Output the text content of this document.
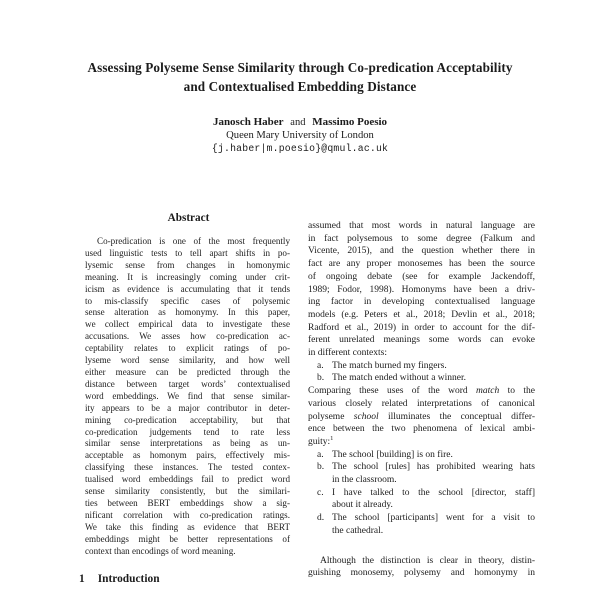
Assessing Polyseme Sense Similarity through Co-predication Acceptability
and Contextualised Embedding Distance
Janosch Haber and Massimo Poesio
Queen Mary University of London
{j.haber|m.poesio}@qmul.ac.uk
Abstract
Co-predication is one of the most frequently
used linguistic tests to tell apart shifts in po-
lysemic sense from changes in homonymic
meaning. It is increasingly coming under crit-
icism as evidence is accumulating that it tends
to mis-classify specific cases of polysemic
sense alteration as homonymy. In this paper,
we collect empirical data to investigate these
accusations. We asses how co-predication ac-
ceptability relates to explicit ratings of po-
lyseme word sense similarity, and how well
either measure can be predicted through the
distance between target words’ contextualised
word embeddings. We find that sense similar-
ity appears to be a major contributor in deter-
mining co-predication acceptability, but that
co-predication judgements tend to rate less
similar sense interpretations as being as un-
acceptable as homonym pairs, effectively mis-
classifying these instances. The tested contex-
tualised word embeddings fail to predict word
sense similarity consistently, but the similari-
ties between BERT embeddings show a sig-
nificant correlation with co-predication ratings.
We take this finding as evidence that BERT
embeddings might be better representations of
context than encodings of word meaning.
1 Introduction
assumed that most words in natural language are
in fact polysemous to some degree (Falkum and
Vicente, 2015), and the question whether there in
fact are any proper monosemes has been the source
of ongoing debate (see for example Jackendoff,
1989; Fodor, 1998). Homonyms have been a driv-
ing factor in developing contextualised language
models (e.g. Peters et al., 2018; Devlin et al., 2018;
Radford et al., 2019) in order to account for the dif-
ferent unrelated meanings some words can evoke
in different contexts:
a. The match burned my fingers.
b. The match ended without a winner.
Comparing these uses of the word match to the
various closely related interpretations of canonical
polyseme school illuminates the conceptual differ-
ence between the two phenomena of lexical ambi-
guity:$^1$
a. The school [building] is on fire.
b. The school [rules] has prohibited wearing hats
in the classroom.
c. I have talked to the school [director, staff]
about it already.
d. The school [participants] went for a visit to
the cathedral.
Although the distinction is clear in theory, distin-
guishing monosemy, polysemy and homonymy in
